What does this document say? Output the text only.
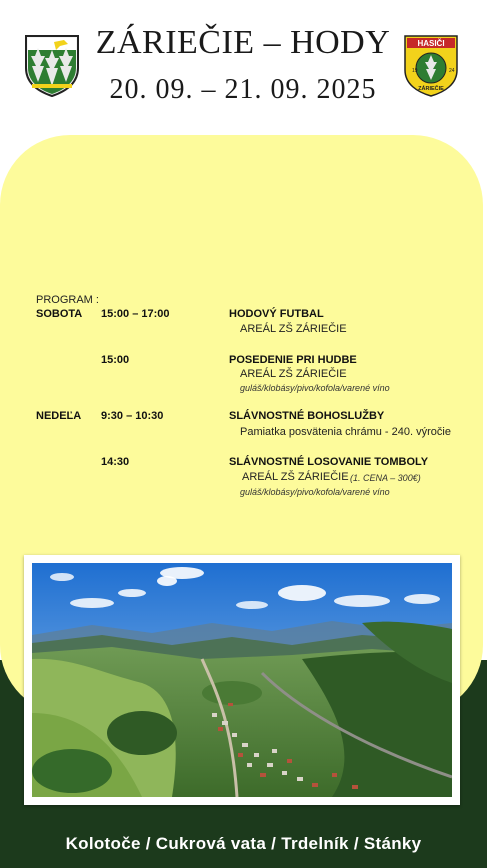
ZÁRIEČIE – HODY
20. 09. – 21. 09. 2025
HASIČI
19	24
ZÁRIEČIE
PROGRAM :
SOBOTA 15:00 – 17:00	HODOVÝ FUTBAL
AREÁL ZŠ ZÁRIEČIE
15:00	POSEDENIE PRI HUDBE
AREÁL ZŠ ZÁRIEČIE
guláš/klobásy/pivo/kofola/varené víno
NEDEĽA 9:30 – 10:30	SLÁVNOSTNÉ BOHOSLUŽBY
Pamiatka posvätenia chrámu - 240. výročie
14:30	SLÁVNOSTNÉ LOSOVANIE TOMBOLY
AREÁL ZŠ ZÁRIEČIE (1. CENA – 300€)
guláš/klobásy/pivo/kofola/varené víno
Kolotoče / Cukrová vata / Trdelník / Stánky
